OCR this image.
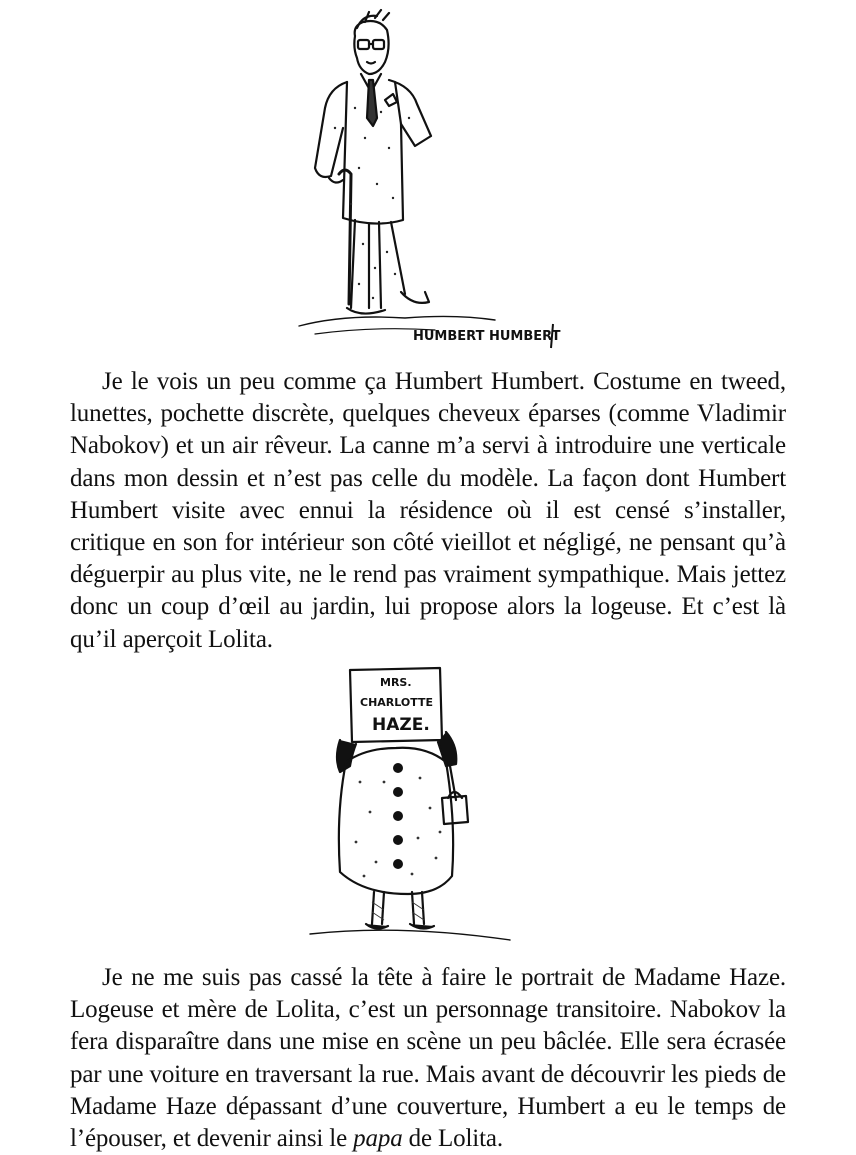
HUMBERT HUMBERT

Je le vois un peu comme ça Humbert Humbert. Costume en tweed, lunettes, pochette discrète, quelques cheveux éparses (comme Vladimir Nabokov) et un air rêveur. La canne m’a servi à introduire une verticale dans mon dessin et n’est pas celle du modèle. La façon dont Humbert Humbert visite avec ennui la résidence où il est censé s’installer, critique en son for intérieur son côté vieillot et négligé, ne pensant qu’à déguerpir au plus vite, ne le rend pas vraiment sympathique. Mais jettez donc un coup d’œil au jardin, lui propose alors la logeuse. Et c’est là qu’il aperçoit Lolita.

MRS.
CHARLOTTE
HAZE.

Je ne me suis pas cassé la tête à faire le portrait de Madame Haze. Logeuse et mère de Lolita, c’est un personnage transitoire. Nabokov la fera disparaître dans une mise en scène un peu bâclée. Elle sera écrasée par une voiture en traversant la rue. Mais avant de découvrir les pieds de Madame Haze dépassant d’une couverture, Humbert a eu le temps de l’épouser, et devenir ainsi le papa de Lolita.
